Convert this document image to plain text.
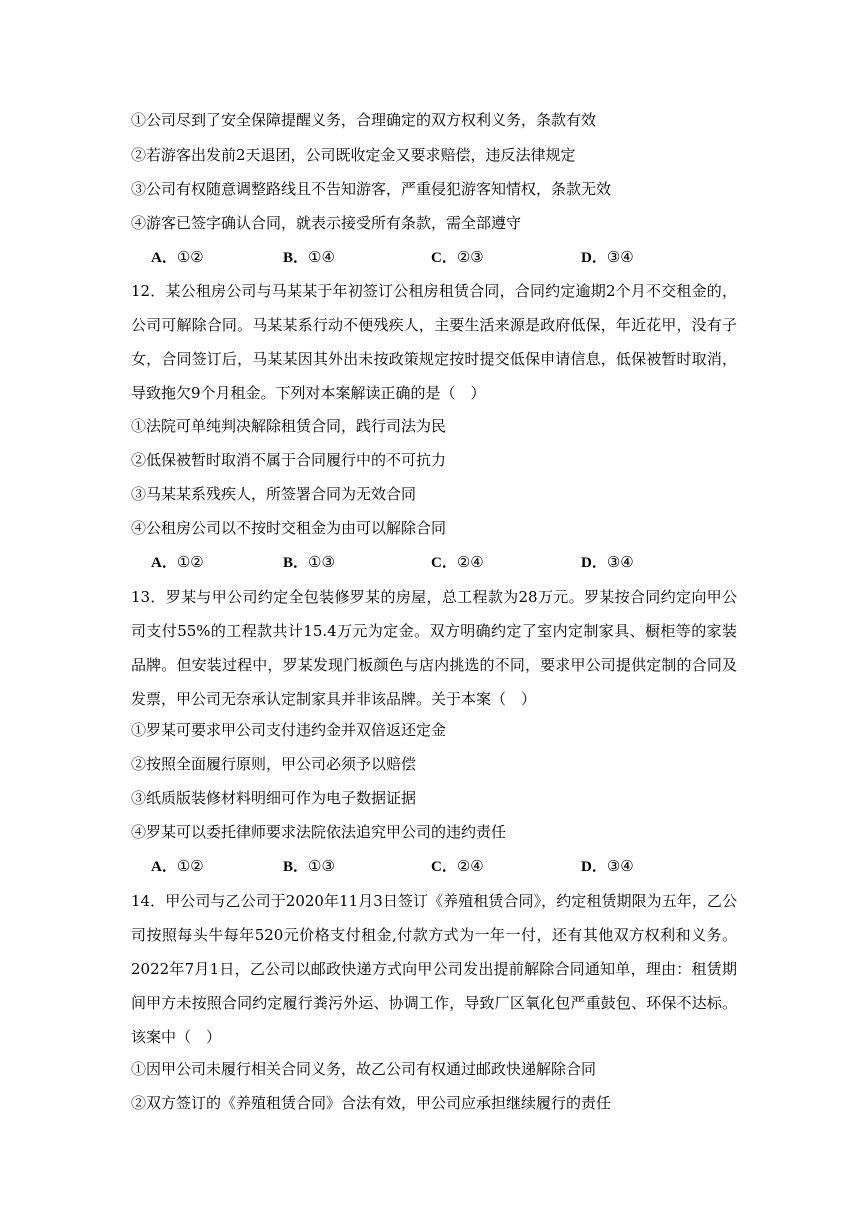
①公司尽到了安全保障提醒义务，合理确定的双方权利义务，条款有效
②若游客出发前2天退团，公司既收定金又要求赔偿，违反法律规定
③公司有权随意调整路线且不告知游客，严重侵犯游客知情权，条款无效
④游客已签字确认合同，就表示接受所有条款，需全部遵守
A．①②	B．①④	C．②③	D．③④
12．某公租房公司与马某某于年初签订公租房租赁合同，合同约定逾期2个月不交租金的，公司可解除合同。马某某系行动不便残疾人，主要生活来源是政府低保，年近花甲，没有子女，合同签订后，马某某因其外出未按政策规定按时提交低保申请信息，低保被暂时取消，导致拖欠9个月租金。下列对本案解读正确的是（　）
①法院可单纯判决解除租赁合同，践行司法为民
②低保被暂时取消不属于合同履行中的不可抗力
③马某某系残疾人，所签署合同为无效合同
④公租房公司以不按时交租金为由可以解除合同
A．①②	B．①③	C．②④	D．③④
13．罗某与甲公司约定全包装修罗某的房屋，总工程款为28万元。罗某按合同约定向甲公司支付55%的工程款共计15.4万元为定金。双方明确约定了室内定制家具、橱柜等的家装品牌。但安装过程中，罗某发现门板颜色与店内挑选的不同，要求甲公司提供定制的合同及发票，甲公司无奈承认定制家具并非该品牌。关于本案（　）
①罗某可要求甲公司支付违约金并双倍返还定金
②按照全面履行原则，甲公司必须予以赔偿
③纸质版装修材料明细可作为电子数据证据
④罗某可以委托律师要求法院依法追究甲公司的违约责任
A．①②	B．①③	C．②④	D．③④
14．甲公司与乙公司于2020年11月3日签订《养殖租赁合同》，约定租赁期限为五年，乙公司按照每头牛每年520元价格支付租金,付款方式为一年一付，还有其他双方权利和义务。2022年7月1日，乙公司以邮政快递方式向甲公司发出提前解除合同通知单，理由：租赁期间甲方未按照合同约定履行粪污外运、协调工作，导致厂区氧化包严重鼓包、环保不达标。该案中（　）
①因甲公司未履行相关合同义务，故乙公司有权通过邮政快递解除合同
②双方签订的《养殖租赁合同》合法有效，甲公司应承担继续履行的责任
